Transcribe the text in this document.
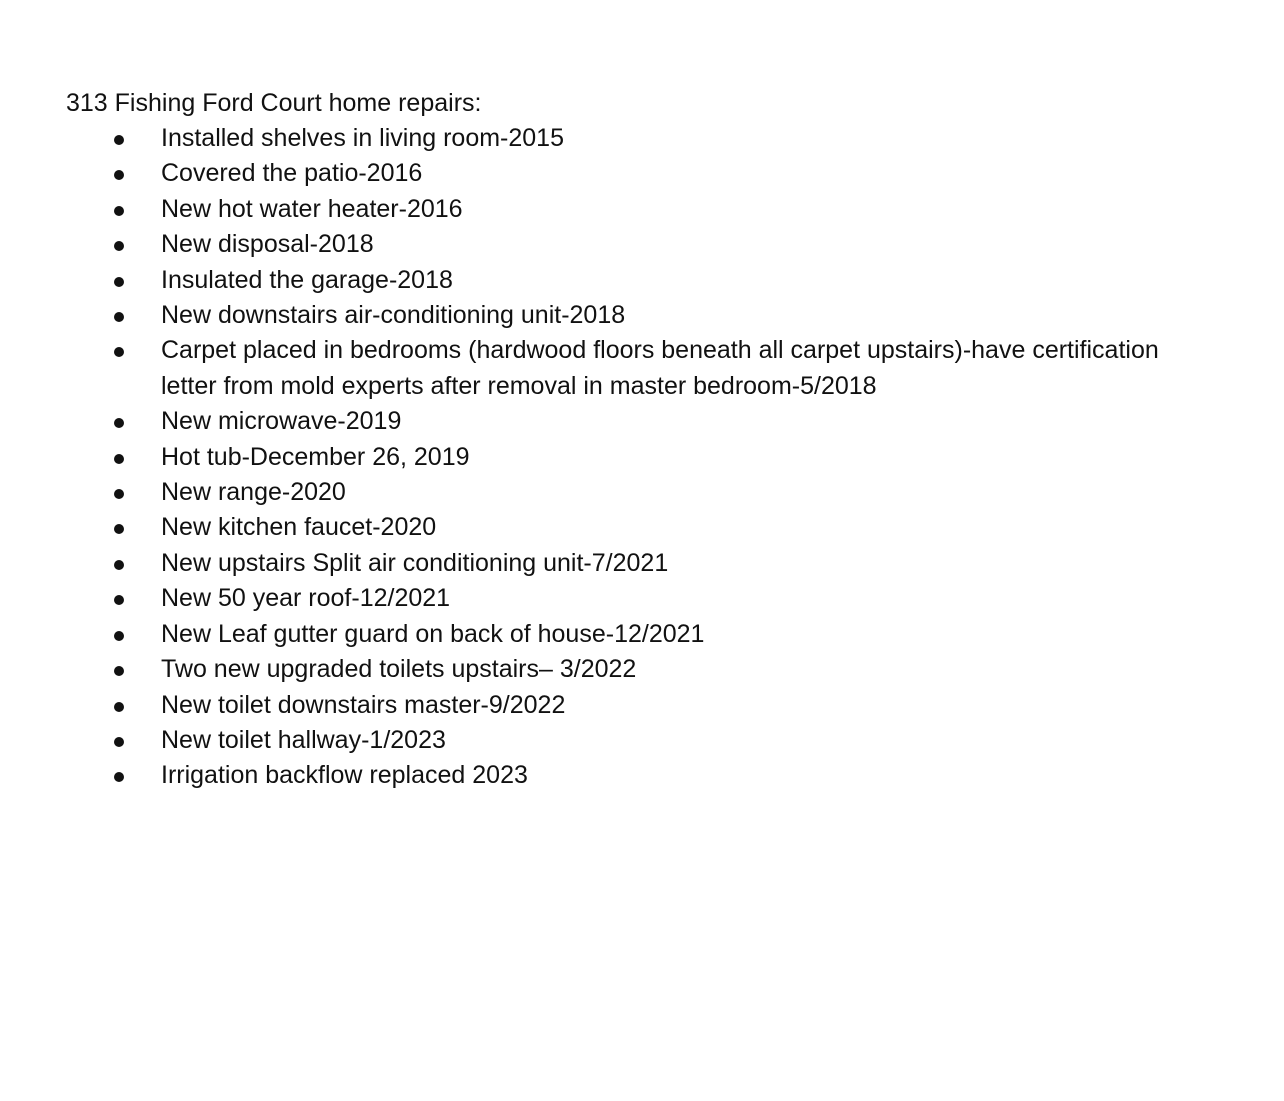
313 Fishing Ford Court home repairs:
Installed shelves in living room-2015
Covered the patio-2016
New hot water heater-2016
New disposal-2018
Insulated the garage-2018
New downstairs air-conditioning unit-2018
Carpet placed in bedrooms (hardwood floors beneath all carpet upstairs)-have certification
letter from mold experts after removal in master bedroom-5/2018
New microwave-2019
Hot tub-December 26, 2019
New range-2020
New kitchen faucet-2020
New upstairs Split air conditioning unit-7/2021
New 50 year roof-12/2021
New Leaf gutter guard on back of house-12/2021
Two new upgraded toilets upstairs– 3/2022
New toilet downstairs master-9/2022
New toilet hallway-1/2023
Irrigation backflow replaced 2023
